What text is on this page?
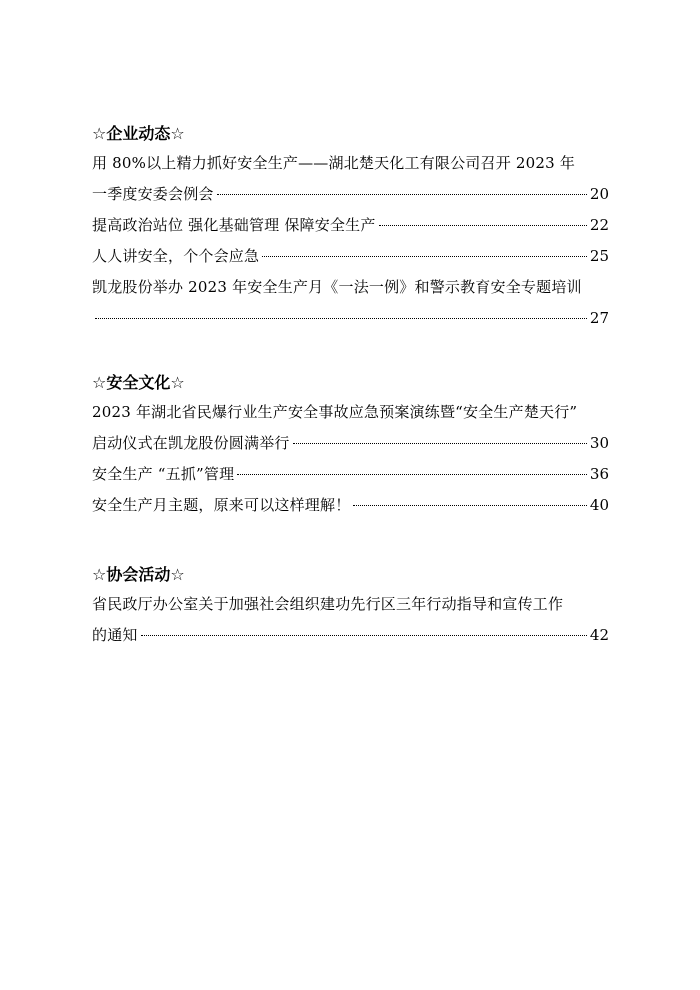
☆企业动态☆
用 80%以上精力抓好安全生产——湖北楚天化工有限公司召开 2023 年
一季度安委会例会	20
提高政治站位 强化基础管理 保障安全生产	22
人人讲安全，个个会应急	25
凯龙股份举办 2023 年安全生产月《一法一例》和警示教育安全专题培训
27
☆安全文化☆
2023 年湖北省民爆行业生产安全事故应急预案演练暨“安全生产楚天行”
启动仪式在凯龙股份圆满举行	30
安全生产 “五抓”管理	36
安全生产月主题，原来可以这样理解！	40
☆协会活动☆
省民政厅办公室关于加强社会组织建功先行区三年行动指导和宣传工作
的通知	42
